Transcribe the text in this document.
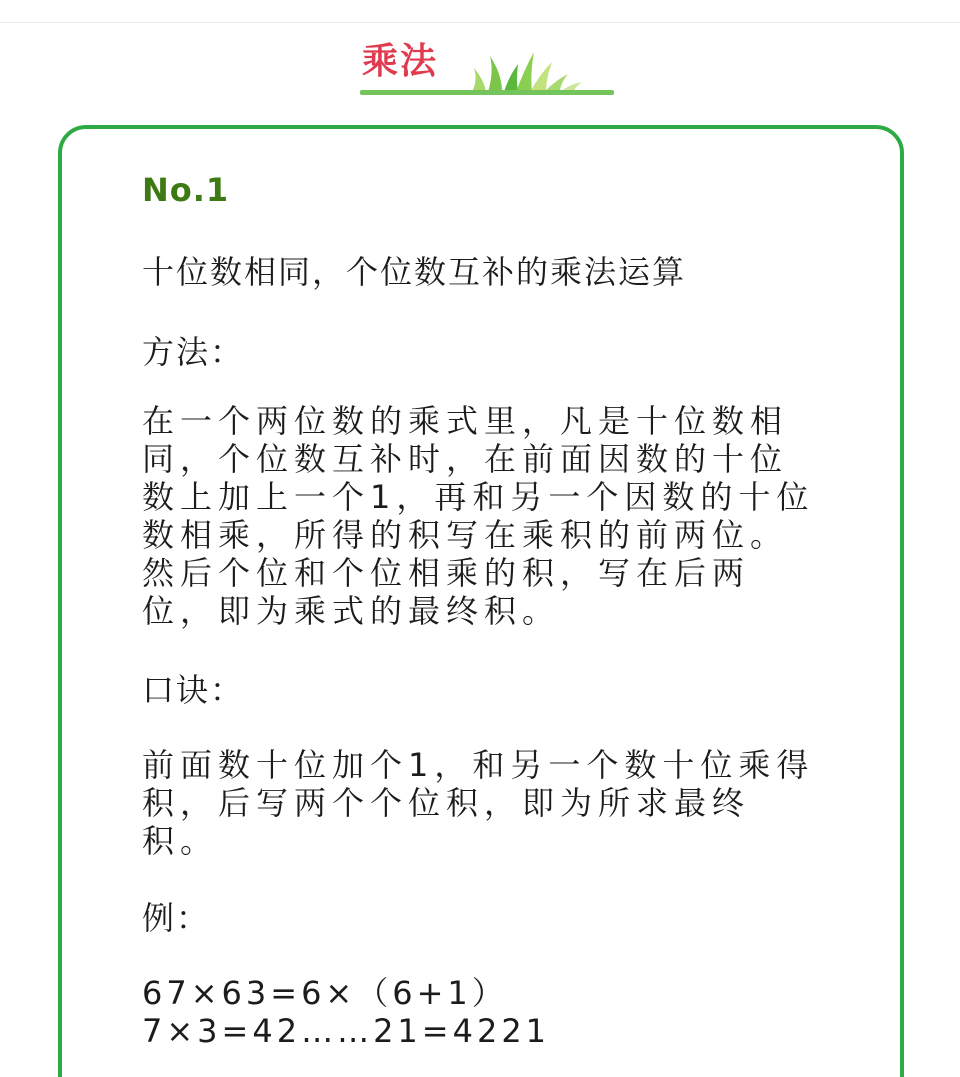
乘法
No.1

十位数相同，个位数互补的乘法运算

方法：

在一个两位数的乘式里，凡是十位数相同，个位数互补时，在前面因数的十位数上加上一个1，再和另一个因数的十位数相乘，所得的积写在乘积的前两位。然后个位和个位相乘的积，写在后两位，即为乘式的最终积。

口诀：

前面数十位加个1，和另一个数十位乘得积，后写两个个位积，即为所求最终积。

例：

67×63=6×（6+1）        7×3=42……21=4221
